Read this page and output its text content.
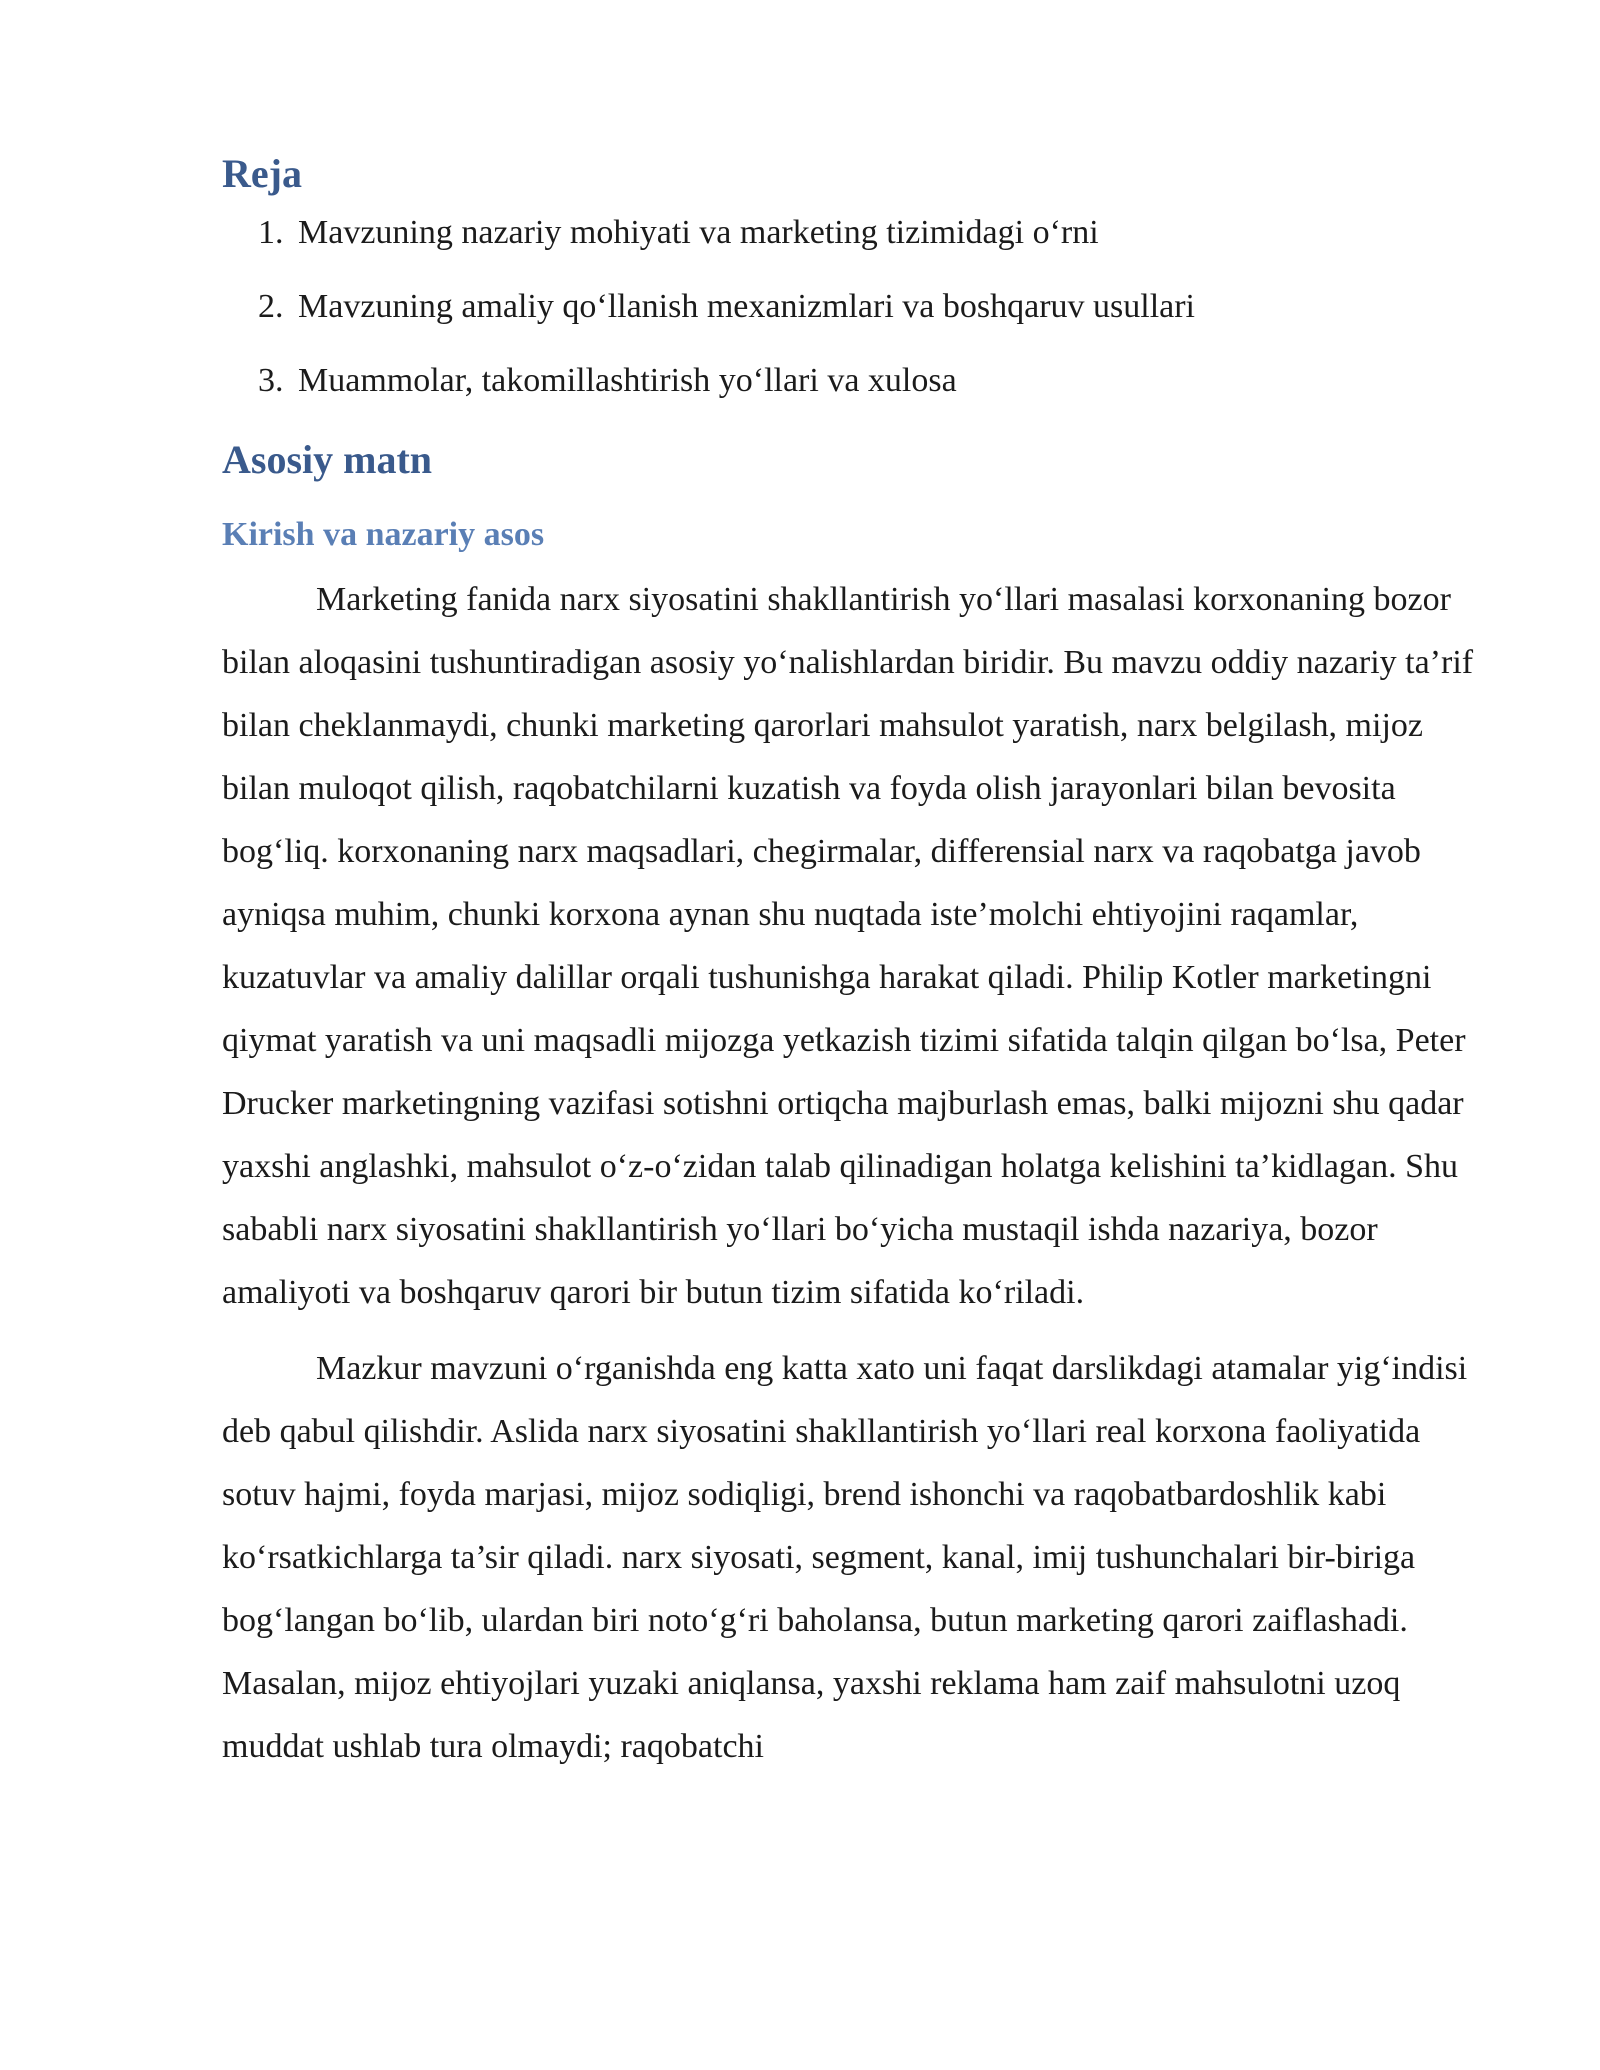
Reja
1. Mavzuning nazariy mohiyati va marketing tizimidagi o‘rni
2. Mavzuning amaliy qo‘llanish mexanizmlari va boshqaruv usullari
3. Muammolar, takomillashtirish yo‘llari va xulosa
Asosiy matn
Kirish va nazariy asos

Marketing fanida narx siyosatini shakllantirish yo‘llari masalasi korxonaning bozor bilan aloqasini tushuntiradigan asosiy yo‘nalishlardan biridir. Bu mavzu oddiy nazariy ta’rif bilan cheklanmaydi, chunki marketing qarorlari mahsulot yaratish, narx belgilash, mijoz bilan muloqot qilish, raqobatchilarni kuzatish va foyda olish jarayonlari bilan bevosita bog‘liq. korxonaning narx maqsadlari, chegirmalar, differensial narx va raqobatga javob ayniqsa muhim, chunki korxona aynan shu nuqtada iste’molchi ehtiyojini raqamlar, kuzatuvlar va amaliy dalillar orqali tushunishga harakat qiladi. Philip Kotler marketingni qiymat yaratish va uni maqsadli mijozga yetkazish tizimi sifatida talqin qilgan bo‘lsa, Peter Drucker marketingning vazifasi sotishni ortiqcha majburlash emas, balki mijozni shu qadar yaxshi anglashki, mahsulot o‘z-o‘zidan talab qilinadigan holatga kelishini ta’kidlagan. Shu sababli narx siyosatini shakllantirish yo‘llari bo‘yicha mustaqil ishda nazariya, bozor amaliyoti va boshqaruv qarori bir butun tizim sifatida ko‘riladi.

Mazkur mavzuni o‘rganishda eng katta xato uni faqat darslikdagi atamalar yig‘indisi deb qabul qilishdir. Aslida narx siyosatini shakllantirish yo‘llari real korxona faoliyatida sotuv hajmi, foyda marjasi, mijoz sodiqligi, brend ishonchi va raqobatbardoshlik kabi ko‘rsatkichlarga ta’sir qiladi. narx siyosati, segment, kanal, imij tushunchalari bir-biriga bog‘langan bo‘lib, ulardan biri noto‘g‘ri baholansa, butun marketing qarori zaiflashadi. Masalan, mijoz ehtiyojlari yuzaki aniqlansa, yaxshi reklama ham zaif mahsulotni uzoq muddat ushlab tura olmaydi; raqobatchi
